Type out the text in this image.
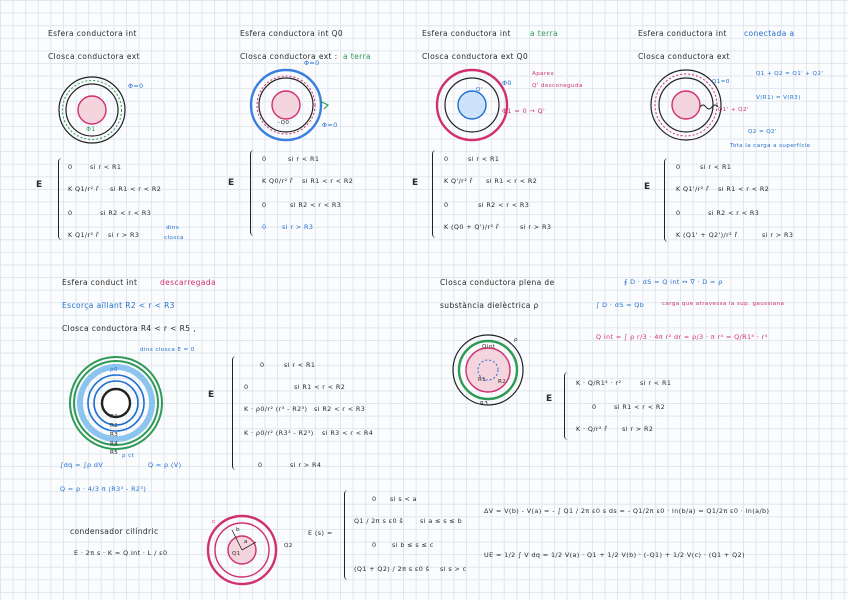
Esfera conductora int
Closca conductora ext
Φ=0
Φ1
E
0	si r < R1
K Q1/r² r̂ si R1 < r < R2
0	si R2 < r < R3
K Q1/r² r̂ si r > R3
dins
closca
Esfera conductora int Q0
Closca conductora ext : a terra
Φ=0
Φ=0
-Q0
E
0	si r < R1
K Q0/r² r̂ si R1 < r < R2
0	si R2 < r < R3
0 si r > R3
Esfera conductora int	a terra
Closca conductora ext Q0
Φ0
Q'
Aparex
Q' desconeguda
Φ1 = 0 → Q'
E
0	si r < R1
K Q'/r² r̂ si R1 < r < R2
0	si R2 < r < R3
K (Q0 + Q')/r² r̂	si r > R3
Esfera conductora int conectada a
Closca conductora ext
Q1=0
Q1 + Q2 = Q1' + Q2'
V(R1) = V(R3)
Q1' + Q2'
Q2 = Q2'
Tota la carga a superfície
E
0	si r < R1
K Q1'/r² r̂ si R1 < r < R2
0	si R2 < r < R3
K (Q1' + Q2')/r² r̂	si r > R3
Esfera conduct int	descarregada
Escorça aïllant R2 < r < R3
Closca conductora R4 < r < R5 ,
dins closca E = 0
R1
R2
R3
R4
R5
ρ0
E
0	si r < R1
0	si R1 < r < R2
K · ρ0/r² (r³ - R2³) si R2 < r < R3
K · ρ0/r² (R3³ - R2³) si R3 < r < R4
0	si r > R4
∫dq = ∫ρ dV
ρ ct
Q = ρ (V)
Q = ρ · 4/3 π (R3³ - R2³)
Closca conductora plena de
substància dielèctrica ρ
∮ D · dS = Q int ↔ ∇ · D = ρ
∫ D · dS = Qb	carga que atravessa la sup. gaussiana
Q int = ∫ ρ r/3 · 4π r² dr = ρ/3 · π r⁴ = Q/R1⁴ · r⁴
Qint
ρ
R1 R2
R3	E
K · Q/R1⁴ · r²	si r < R1
0	si R1 < r < R2
K · Q/r² r̂ si r > R2
condensador cilíndric
E · 2π s · K = Q int · L / ε0
c
b
a
Q1
Q2
E (s) =
0 si s < a
Q1 / 2π s ε0 ŝ	si a ≤ s ≤ b
0 si b ≤ s ≤ c
(Q1 + Q2) / 2π s ε0 ŝ si s > c
ΔV = V(b) - V(a) = - ∫ Q1 / 2π ε0 s ds = - Q1/2π ε0 · ln(b/a) = Q1/2π ε0 · ln(a/b)
UE = 1/2 ∫ V dq = 1/2 V(a) · Q1 + 1/2 V(b) · (-Q1) + 1/2 V(c) · (Q1 + Q2)
